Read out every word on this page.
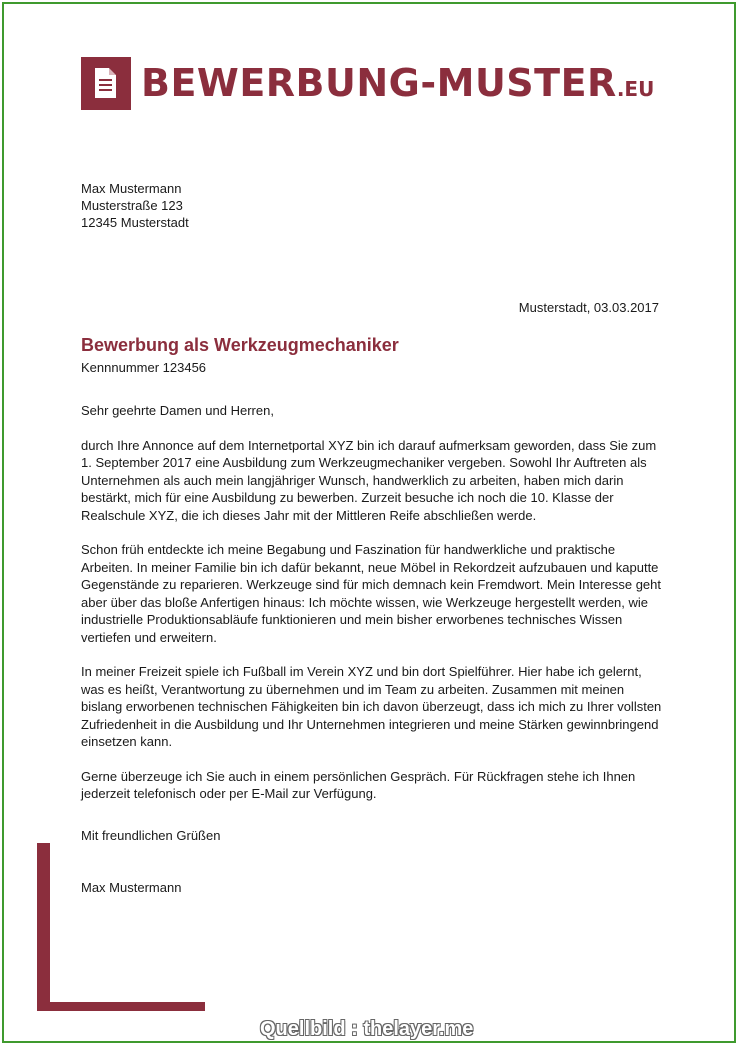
BEWERBUNG-MUSTER.EU
Max Mustermann
Musterstraße 123
12345 Musterstadt
Musterstadt, 03.03.2017
Bewerbung als Werkzeugmechaniker
Kennnummer 123456

Sehr geehrte Damen und Herren,

durch Ihre Annonce auf dem Internetportal XYZ bin ich darauf aufmerksam geworden, dass Sie zum 1. September 2017 eine Ausbildung zum Werkzeugmechaniker vergeben. Sowohl Ihr Auftreten als Unternehmen als auch mein langjähriger Wunsch, handwerklich zu arbeiten, haben mich darin bestärkt, mich für eine Ausbildung zu bewerben. Zurzeit besuche ich noch die 10. Klasse der Realschule XYZ, die ich dieses Jahr mit der Mittleren Reife abschließen werde.

Schon früh entdeckte ich meine Begabung und Faszination für handwerkliche und praktische Arbeiten. In meiner Familie bin ich dafür bekannt, neue Möbel in Rekordzeit aufzubauen und kaputte Gegenstände zu reparieren. Werkzeuge sind für mich demnach kein Fremdwort. Mein Interesse geht aber über das bloße Anfertigen hinaus: Ich möchte wissen, wie Werkzeuge hergestellt werden, wie industrielle Produktionsabläufe funktionieren und mein bisher erworbenes technisches Wissen vertiefen und erweitern.

In meiner Freizeit spiele ich Fußball im Verein XYZ und bin dort Spielführer. Hier habe ich gelernt, was es heißt, Verantwortung zu übernehmen und im Team zu arbeiten. Zusammen mit meinen bislang erworbenen technischen Fähigkeiten bin ich davon überzeugt, dass ich mich zu Ihrer vollsten Zufriedenheit in die Ausbildung und Ihr Unternehmen integrieren und meine Stärken gewinnbringend einsetzen kann.

Gerne überzeuge ich Sie auch in einem persönlichen Gespräch. Für Rückfragen stehe ich Ihnen jederzeit telefonisch oder per E-Mail zur Verfügung.

Mit freundlichen Grüßen
Max Mustermann
Quellbild : thelayer.me
